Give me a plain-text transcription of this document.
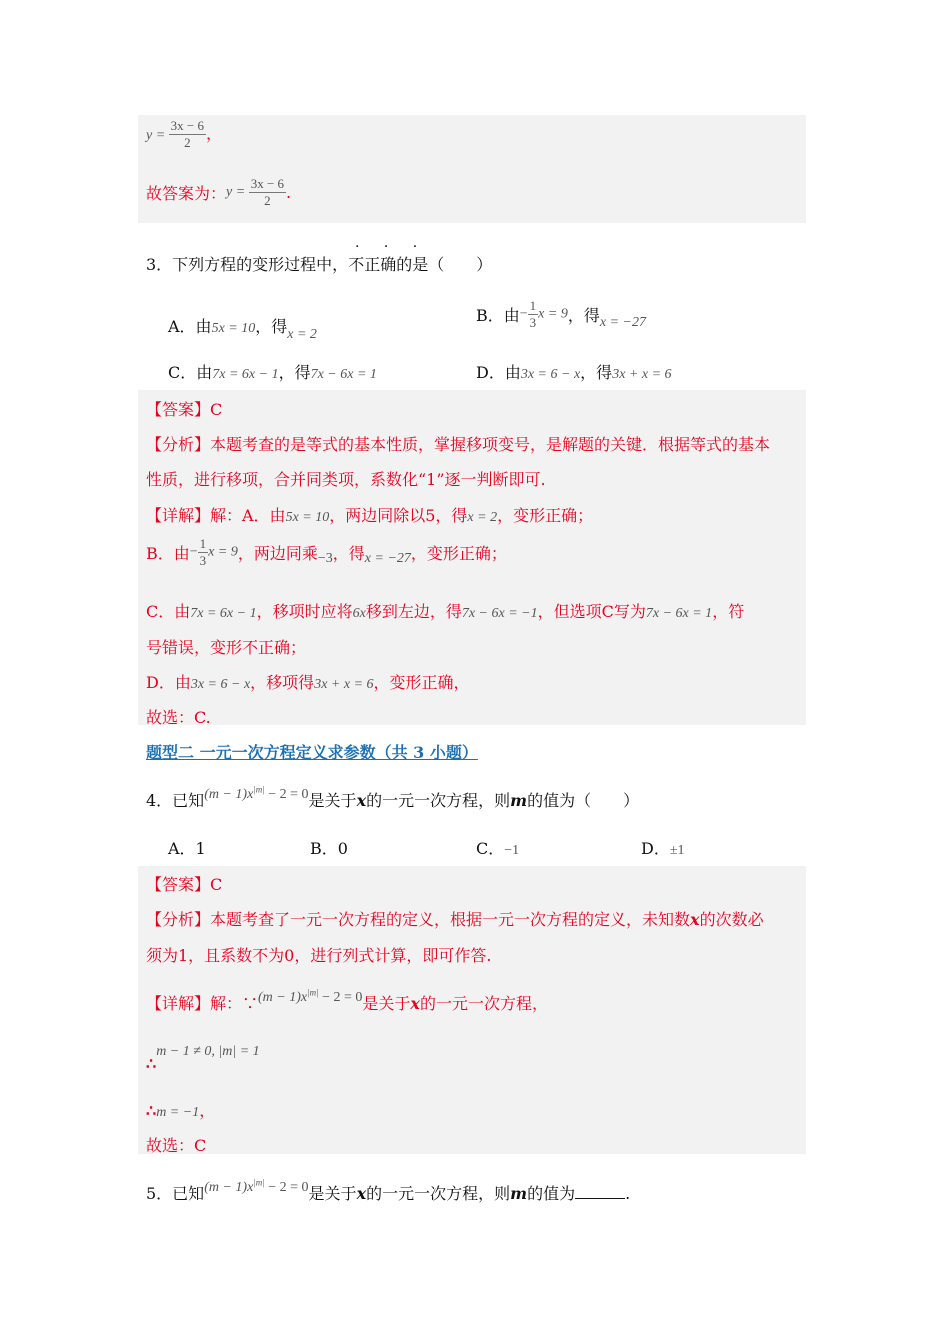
$y = \frac{3x - 6}{2}$ ，
故答案为：$y = \frac{3x - 6}{2}$ .
3．下列方程的变形过程中，不正确的是（　　）
· · ·
A．由5x = 10，得x = 2
B．由− $\frac{1}{3}$ x = 9，得x = −27
C．由7x = 6x − 1，得7x − 6x = 1	D．由3x = 6 − x，得3x + x = 6
【答案】C
【分析】本题考查的是等式的基本性质，掌握移项变号，是解题的关键．根据等式的基本
性质，进行移项，合并同类项，系数化“1”逐一判断即可.
【详解】解：A．由5x = 10，两边同除以5，得x = 2，变形正确；
B．由− $\frac{1}{3}$ x = 9，两边同乘−3，得x = −27，变形正确；
C．由7x = 6x − 1，移项时应将6x移到左边，得7x − 6x = −1，但选项C写为7x − 6x = 1，符
号错误，变形不正确；
D．由3x = 6 − x，移项得3x + x = 6，变形正确，
故选：C.
题型二 一元一次方程定义求参数（共 3 小题）
4．已知$(m - 1)x^{|m|} - 2 = 0$是关于x的一元一次方程，则m的值为（　　）
A．1	B．0	C．−1	D．±1
【答案】C
【分析】本题考查了一元一次方程的定义，根据一元一次方程的定义，未知数x的次数必
须为1，且系数不为0，进行列式计算，即可作答.
【详解】解：∵(m − $1)x^{|m|} - 2 = 0$是关于x的一元一次方程，
∴m − 1 ≠ 0, |m| = 1
∴m = −1，
故选：C
5．已知$(m - 1)x^{|m|} - 2 = 0$是关于x的一元一次方程，则m的值为	.
